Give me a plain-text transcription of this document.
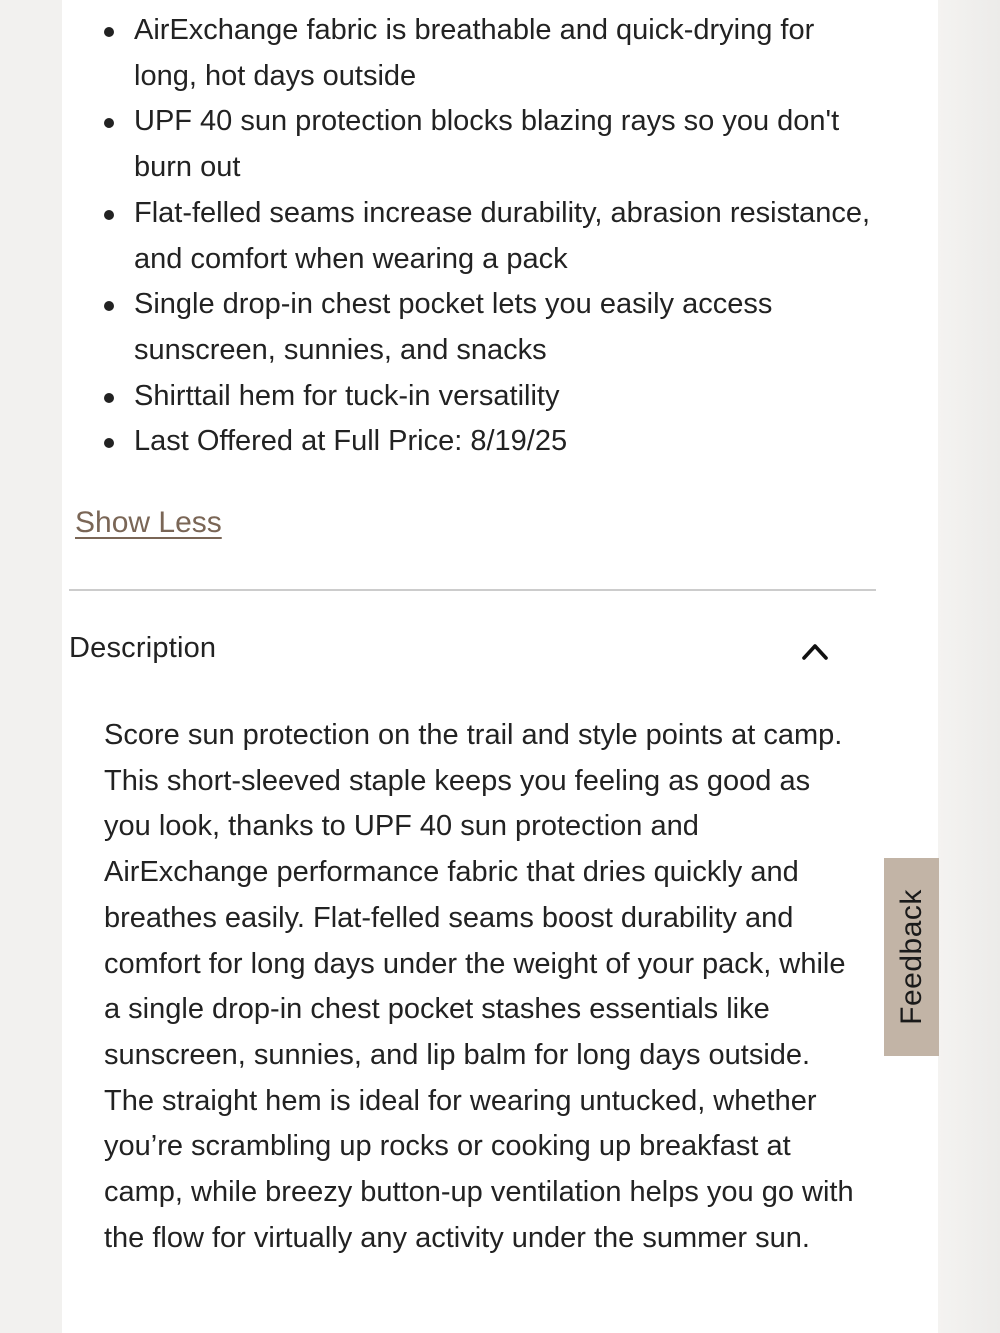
AirExchange fabric is breathable and quick-drying for long, hot days outside
UPF 40 sun protection blocks blazing rays so you don't burn out
Flat-felled seams increase durability, abrasion resistance, and comfort when wearing a pack
Single drop-in chest pocket lets you easily access sunscreen, sunnies, and snacks
Shirttail hem for tuck-in versatility
Last Offered at Full Price: 8/19/25
Show Less
Description

Score sun protection on the trail and style points at camp. This short-sleeved staple keeps you feeling as good as you look, thanks to UPF 40 sun protection and AirExchange performance fabric that dries quickly and breathes easily. Flat-felled seams boost durability and comfort for long days under the weight of your pack, while a single drop-in chest pocket stashes essentials like sunscreen, sunnies, and lip balm for long days outside. The straight hem is ideal for wearing untucked, whether you’re scrambling up rocks or cooking up breakfast at camp, while breezy button-up ventilation helps you go with the flow for virtually any activity under the summer sun.

Feedback
